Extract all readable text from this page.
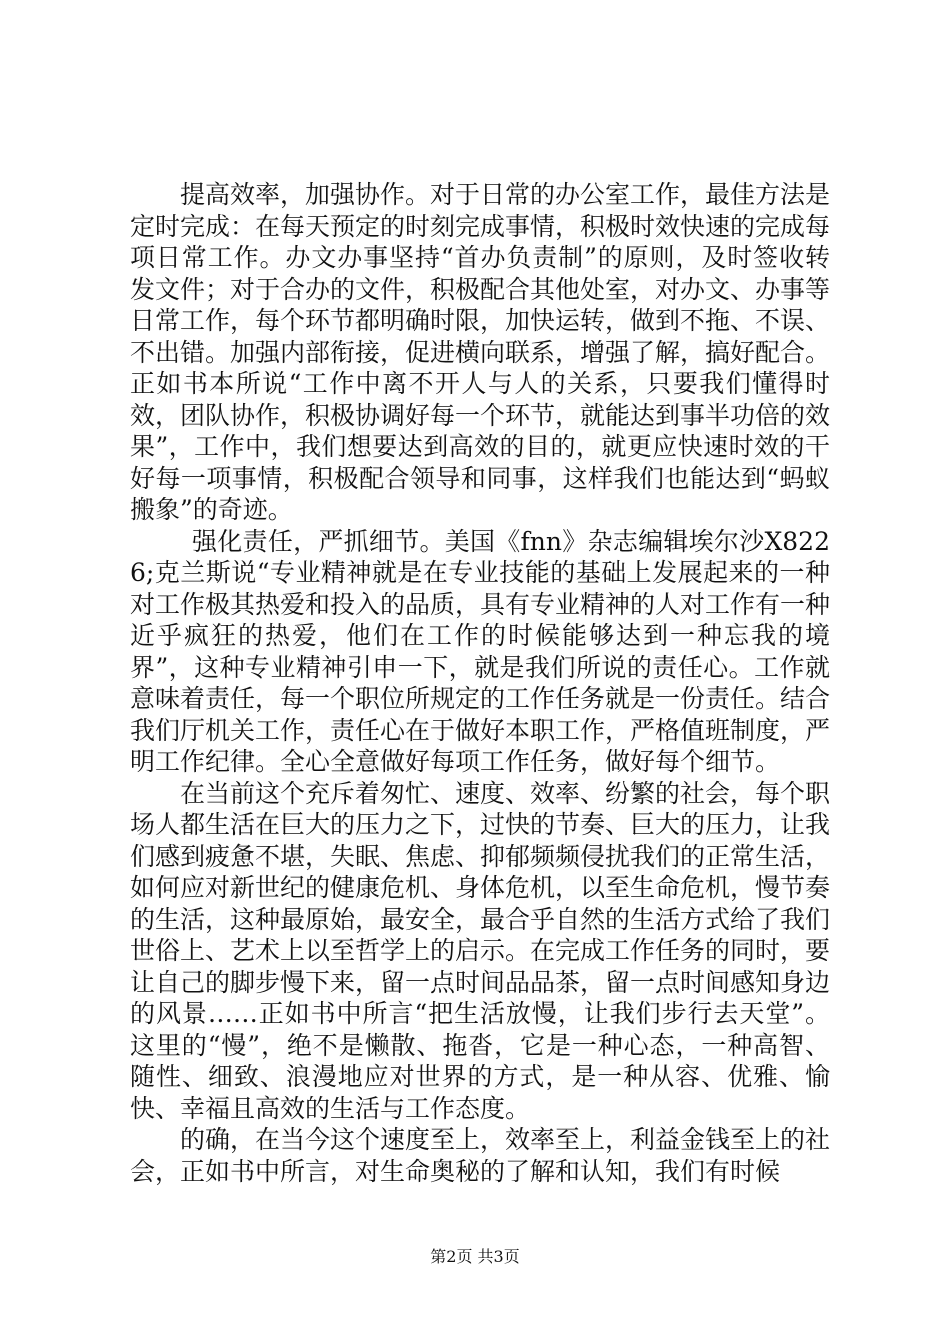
提高效率，加强协作。对于日常的办公室工作，最佳方法是定时完成：在每天预定的时刻完成事情，积极时效快速的完成每项日常工作。办文办事坚持“首办负责制”的原则，及时签收转发文件；对于合办的文件，积极配合其他处室，对办文、办事等日常工作，每个环节都明确时限，加快运转，做到不拖、不误、不出错。加强内部衔接，促进横向联系，增强了解，搞好配合。正如书本所说“工作中离不开人与人的关系，只要我们懂得时效，团队协作，积极协调好每一个环节，就能达到事半功倍的效果”，工作中，我们想要达到高效的目的，就更应快速时效的干好每一项事情，积极配合领导和同事，这样我们也能达到“蚂蚁搬象”的奇迹。

强化责任，严抓细节。美国《fnn》杂志编辑埃尔沙X8226;克兰斯说“专业精神就是在专业技能的基础上发展起来的一种对工作极其热爱和投入的品质，具有专业精神的人对工作有一种近乎疯狂的热爱，他们在工作的时候能够达到一种忘我的境界”，这种专业精神引申一下，就是我们所说的责任心。工作就意味着责任，每一个职位所规定的工作任务就是一份责任。结合我们厅机关工作，责任心在于做好本职工作，严格值班制度，严明工作纪律。全心全意做好每项工作任务，做好每个细节。

在当前这个充斥着匆忙、速度、效率、纷繁的社会，每个职场人都生活在巨大的压力之下，过快的节奏、巨大的压力，让我们感到疲惫不堪，失眠、焦虑、抑郁频频侵扰我们的正常生活，如何应对新世纪的健康危机、身体危机，以至生命危机，慢节奏的生活，这种最原始，最安全，最合乎自然的生活方式给了我们世俗上、艺术上以至哲学上的启示。在完成工作任务的同时，要让自己的脚步慢下来，留一点时间品品茶，留一点时间感知身边的风景……正如书中所言“把生活放慢，让我们步行去天堂”。这里的“慢”，绝不是懒散、拖沓，它是一种心态，一种高智、随性、细致、浪漫地应对世界的方式，是一种从容、优雅、愉快、幸福且高效的生活与工作态度。

的确，在当今这个速度至上，效率至上，利益金钱至上的社会，正如书中所言，对生命奥秘的了解和认知，我们有时候

第2页 共3页
